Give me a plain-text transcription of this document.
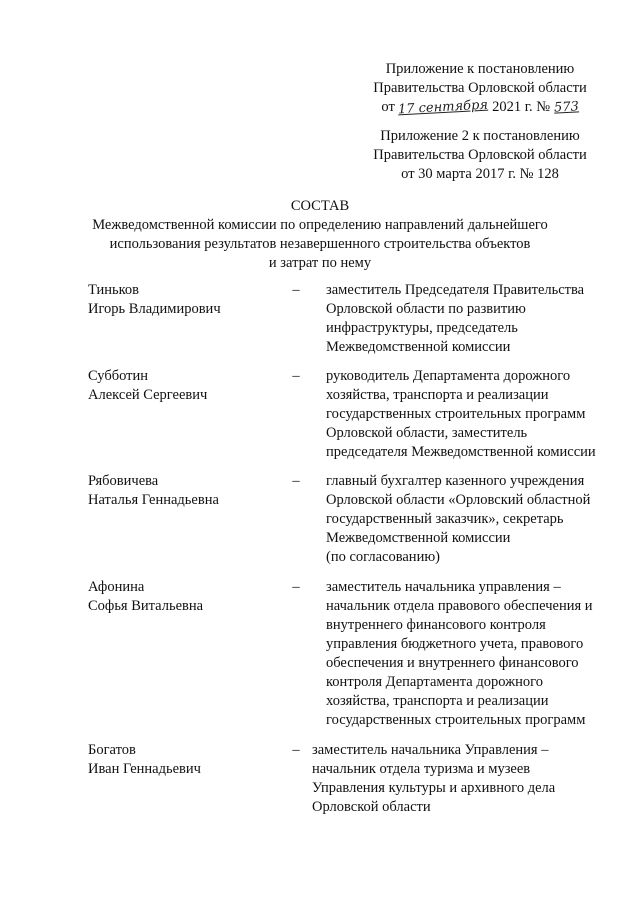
Приложение к постановлению
Правительства Орловской области
от 17 сентября 2021 г. № 573
Приложение 2 к постановлению
Правительства Орловской области
от 30 марта 2017 г. № 128
СОСТАВ
Межведомственной комиссии по определению направлений дальнейшего
использования результатов незавершенного строительства объектов
и затрат по нему
Тиньков
Игорь Владимирович
– заместитель Председателя Правительства
Орловской области по развитию
инфраструктуры, председатель
Межведомственной комиссии
Субботин
Алексей Сергеевич
– руководитель Департамента дорожного
хозяйства, транспорта и реализации
государственных строительных программ
Орловской области, заместитель
председателя Межведомственной комиссии
Рябовичева
Наталья Геннадьевна
– главный бухгалтер казенного учреждения
Орловской области «Орловский областной
государственный заказчик», секретарь
Межведомственной комиссии
(по согласованию)
Афонина
Софья Витальевна
– заместитель начальника управления –
начальник отдела правового обеспечения и
внутреннего финансового контроля
управления бюджетного учета, правового
обеспечения и внутреннего финансового
контроля Департамента дорожного
хозяйства, транспорта и реализации
государственных строительных программ
Богатов
Иван Геннадьевич
– заместитель начальника Управления –
начальник отдела туризма и музеев
Управления культуры и архивного дела
Орловской области
